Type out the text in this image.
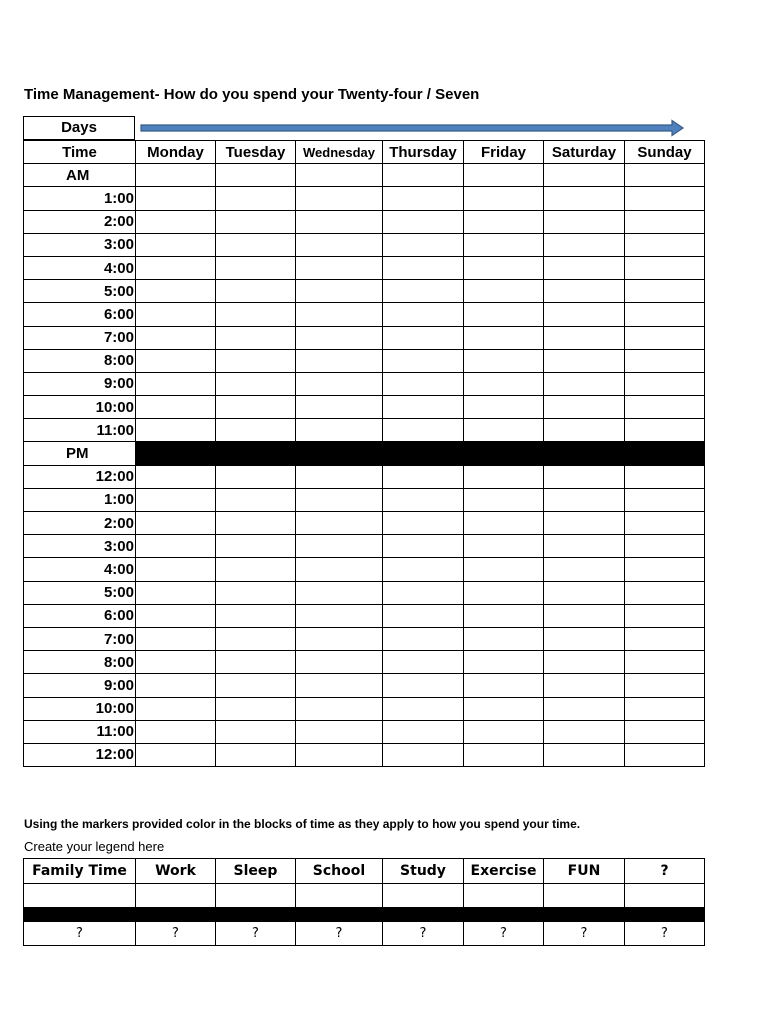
Time Management- How do you spend your Twenty-four / Seven
Days
Time	Monday	Tuesday	Wednesday	Thursday	Friday	Saturday	Sunday
AM							
1:00							
2:00							
3:00							
4:00							
5:00							
6:00							
7:00							
8:00							
9:00							
10:00							
11:00							
PM							
12:00							
1:00							
2:00							
3:00							
4:00							
5:00							
6:00							
7:00							
8:00							
9:00							
10:00							
11:00							
12:00							
Using the markers provided color in the blocks of time as they apply to how you spend your time.
Create your legend here
Family Time	Work	Sleep	School	Study	Exercise	FUN	?

?	?	?	?	?	?	?	?
